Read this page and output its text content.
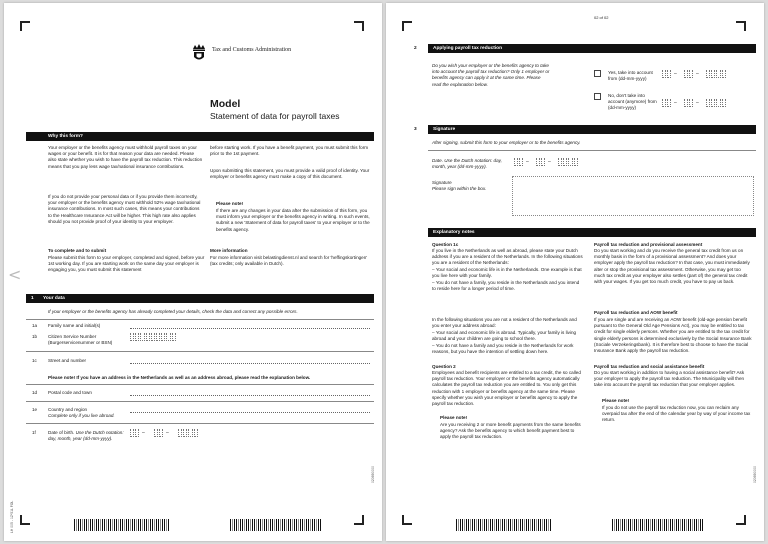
Tax and Customs Administration
Model
Statement of data for payroll taxes
Why this form?
Your employer or the benefits agency must withhold payroll taxes on your wages or your benefit. It is for that reason your data are needed. Please also state whether you wish to have the payroll tax reduction. This reduction means that you pay less wage tax/national insurance contributions.
If you do not provide your personal data or if you provide them incorrectly, your employer or the benefits agency must withhold 52% wage tax/national insurance contributions. In most such cases, this means your contributions to the Healthcare Insurance Act will be higher. This high rate also applies should you not provide proof of your identity to your employer.
To complete and to submit
Please submit this form to your employer, completed and signed, before your 1st working day. If you are starting work on the same day your employer is engaging you, you must submit this statement
before starting work. If you have a benefit payment, you must submit this form prior to the 1st payment.
Upon submitting this statement, you must provide a valid proof of identity. Your employer or benefits agency must make a copy of this document.
Please note!
If there are any changes in your data after the submission of this form, you must inform your employer or the benefits agency in writing. In such events, submit a new 'Statement of data for payroll taxes' to your employer or to the benefits agency.
More information
For more information visit belastingdienst.nl and search for 'heffingskortingen' (tax credits; only available in Dutch).
1 Your data
If your employer or the benefits agency has already completed your details, check the data and correct any possible errors.
1a Family name and initial(s)
1b Citizen Service Number
(Burgerservicenummer or BSN)
1c Street and number
Please note! If you have an address in the Netherlands as well as an address abroad, please read the explanation below.
1d Postal code and town
1e Country and region
Complete only if you live abroad.
1f	Date of birth. Use the Dutch notation: day, month, year (dd-mm-yyyy).
–	–
LH 005 - 1Z*51L FOL
020690000
<
02 of 02
2	Applying payroll tax reduction
Do you wish your employer or the benefits agency to take into account the payroll tax reduction? Only 1 employer or benefits agency can apply it at the same time. Please read the explanation below.
Yes, take into account from (dd-mm-yyyy)
–	–
No, don't take into account (anymore) from (dd-mm-yyyy)
–	–
3	Signature
After signing, submit this form to your employer or to the benefits agency.
Date. Use the Dutch notation: day, month, year (dd-mm-yyyy).
–	–
Signature
Please sign within the box.
Explanatory notes
Question 1c
If you live in the Netherlands as well as abroad, please state your Dutch address if you are a resident of the Netherlands. In the following situations you are a resident of the Netherlands:
– Your social and economic life is in the Netherlands. One example is that you live here with your family.
– You do not have a family, you reside in the Netherlands and you intend to reside here for a longer period of time.
In the following situations you are not a resident of the Netherlands and you enter your address abroad:
– Your social and economic life is abroad. Typically, your family is living abroad and your children are going to school there.
– You do not have a family and you reside in the Netherlands for work reasons, but you have the intention of settling down here.
Question 2
Employees and benefit recipients are entitled to a tax credit, the so called payroll tax reduction. Your employer or the benefits agency automatically calculates the payroll tax reduction you are entitled to. You only get this reduction with 1 employer or benefits agency at the same time. Please specify whether you wish your employer or benefits agency to apply the payroll tax reduction.
Please note!
Are you receiving 2 or more benefit payments from the same benefits agency? Ask the benefits agency to which benefit payment best to apply the payroll tax reduction.
Payroll tax reduction and provisional assessment
Do you start working and do you receive the general tax credit from us on monthly basis in the form of a provisional assessment? And does your employer apply the payroll tax reduction? In that case, you must immediately alter or stop the provisional tax assessment. Otherwise, you may get too much tax credit as your employer also settles (part of) the general tax credit with your wages. If you get too much credit, you have to pay us back.
Payroll tax reduction and AOW benefit
If you are single and are receiving an AOW benefit (old-age pension benefit pursuant to the General Old Age Pensions Act), you may be entitled to tax credit for single elderly persons. Whether you are entitled to the tax credit for single elderly persons is determined exclusively by the Social Insurance Bank (Sociale Verzekeringsbank). It is therefore best to choose to have the Social Insurance Bank apply the payroll tax reduction.
Payroll tax reduction and social assistance benefit
Do you start working in addition to having a social assistance benefit? Ask your employer to apply the payroll tax reduction. The Municipality will then take into account the payroll tax reduction that your employer applies.
Please note!
If you do not use the payroll tax reduction now, you can reclaim any overpaid tax after the end of the calendar year by way of your income tax return.
020690000
